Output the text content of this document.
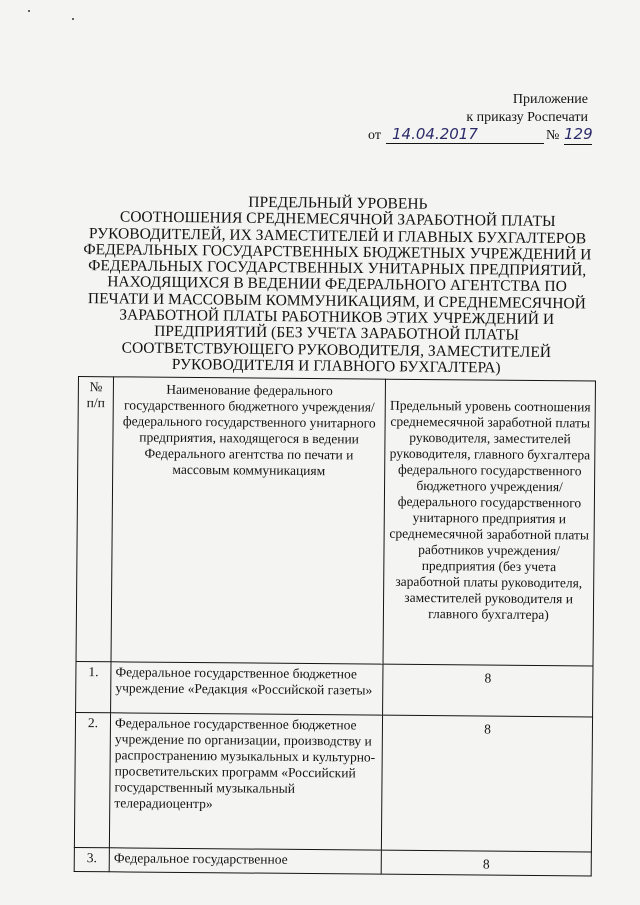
Приложение
к приказу Роспечати
от 14.04.2017	№ 129
ПРЕДЕЛЬНЫЙ УРОВЕНЬ
СООТНОШЕНИЯ СРЕДНЕМЕСЯЧНОЙ ЗАРАБОТНОЙ ПЛАТЫ
РУКОВОДИТЕЛЕЙ, ИХ ЗАМЕСТИТЕЛЕЙ И ГЛАВНЫХ БУХГАЛТЕРОВ
ФЕДЕРАЛЬНЫХ ГОСУДАРСТВЕННЫХ БЮДЖЕТНЫХ УЧРЕЖДЕНИЙ И
ФЕДЕРАЛЬНЫХ ГОСУДАРСТВЕННЫХ УНИТАРНЫХ ПРЕДПРИЯТИЙ,
НАХОДЯЩИХСЯ В ВЕДЕНИИ ФЕДЕРАЛЬНОГО АГЕНТСТВА ПО
ПЕЧАТИ И МАССОВЫМ КОММУНИКАЦИЯМ, И СРЕДНЕМЕСЯЧНОЙ
ЗАРАБОТНОЙ ПЛАТЫ РАБОТНИКОВ ЭТИХ УЧРЕЖДЕНИЙ И
ПРЕДПРИЯТИЙ (БЕЗ УЧЕТА ЗАРАБОТНОЙ ПЛАТЫ
СООТВЕТСТВУЮЩЕГО РУКОВОДИТЕЛЯ, ЗАМЕСТИТЕЛЕЙ
РУКОВОДИТЕЛЯ И ГЛАВНОГО БУХГАЛТЕРА)
№ п/п	Наименование федерального государственного бюджетного учреждения/ федерального государственного унитарного предприятия, находящегося в ведении Федерального агентства по печати и массовым коммуникациям	Предельный уровень соотношения среднемесячной заработной платы руководителя, заместителей руководителя, главного бухгалтера федерального государственного бюджетного учреждения/ федерального государственного унитарного предприятия и среднемесячной заработной платы работников учреждения/предприятия (без учета заработной платы руководителя, заместителей руководителя и главного бухгалтера)
1.	Федеральное государственное бюджетное учреждение «Редакция «Российской газеты»	8
2.	Федеральное государственное бюджетное учреждение по организации, производству и распространению музыкальных и культурно-просветительских программ «Российский государственный музыкальный телерадиоцентр»	8
3.	Федеральное государственное	8
